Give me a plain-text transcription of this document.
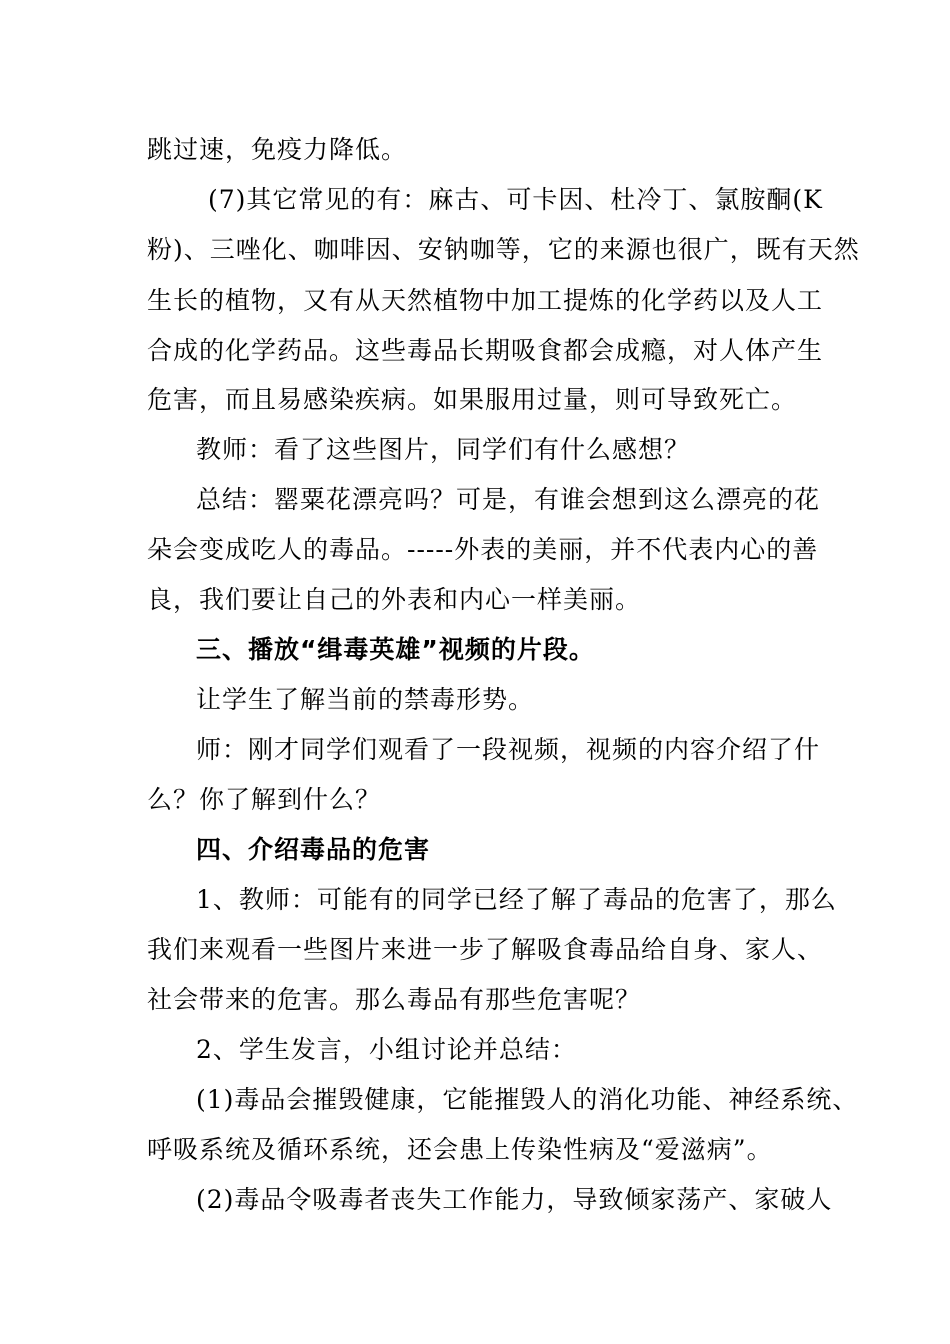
跳过速，免疫力降低。
(7)其它常见的有：麻古、可卡因、杜冷丁、氯胺酮(K
粉)、三唑化、咖啡因、安钠咖等，它的来源也很广，既有天然
生长的植物，又有从天然植物中加工提炼的化学药以及人工
合成的化学药品。这些毒品长期吸食都会成瘾，对人体产生
危害，而且易感染疾病。如果服用过量，则可导致死亡。
教师：看了这些图片，同学们有什么感想？
总结：罂粟花漂亮吗？可是，有谁会想到这么漂亮的花
朵会变成吃人的毒品。-----外表的美丽，并不代表内心的善
良，我们要让自己的外表和内心一样美丽。
三、播放“缉毒英雄”视频的片段。
让学生了解当前的禁毒形势。
师：刚才同学们观看了一段视频，视频的内容介绍了什
么？你了解到什么？
四、介绍毒品的危害
1、教师：可能有的同学已经了解了毒品的危害了，那么
我们来观看一些图片来进一步了解吸食毒品给自身、家人、
社会带来的危害。那么毒品有那些危害呢？
2、学生发言，小组讨论并总结：
(1)毒品会摧毁健康，它能摧毁人的消化功能、神经系统、
呼吸系统及循环系统，还会患上传染性病及“爱滋病”。
(2)毒品令吸毒者丧失工作能力，导致倾家荡产、家破人
